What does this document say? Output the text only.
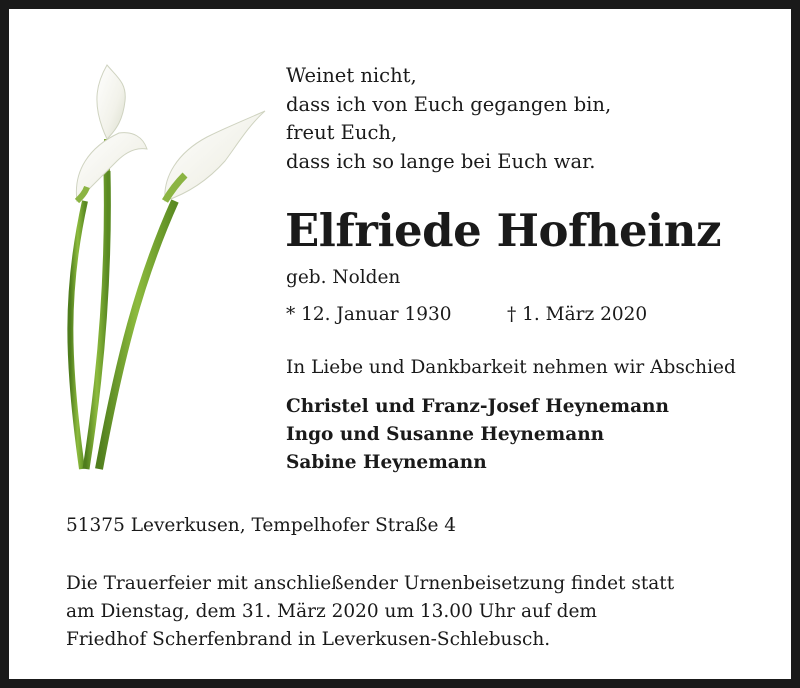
Weinet nicht,
dass ich von Euch gegangen bin,
freut Euch,
dass ich so lange bei Euch war.
Elfriede Hofheinz
geb. Nolden
* 12. Januar 1930	† 1. März 2020
In Liebe und Dankbarkeit nehmen wir Abschied
Christel und Franz-Josef Heynemann
Ingo und Susanne Heynemann
Sabine Heynemann
51375 Leverkusen, Tempelhofer Straße 4
Die Trauerfeier mit anschließender Urnenbeisetzung findet statt
am Dienstag, dem 31. März 2020 um 13.00 Uhr auf dem
Friedhof Scherfenbrand in Leverkusen-Schlebusch.
